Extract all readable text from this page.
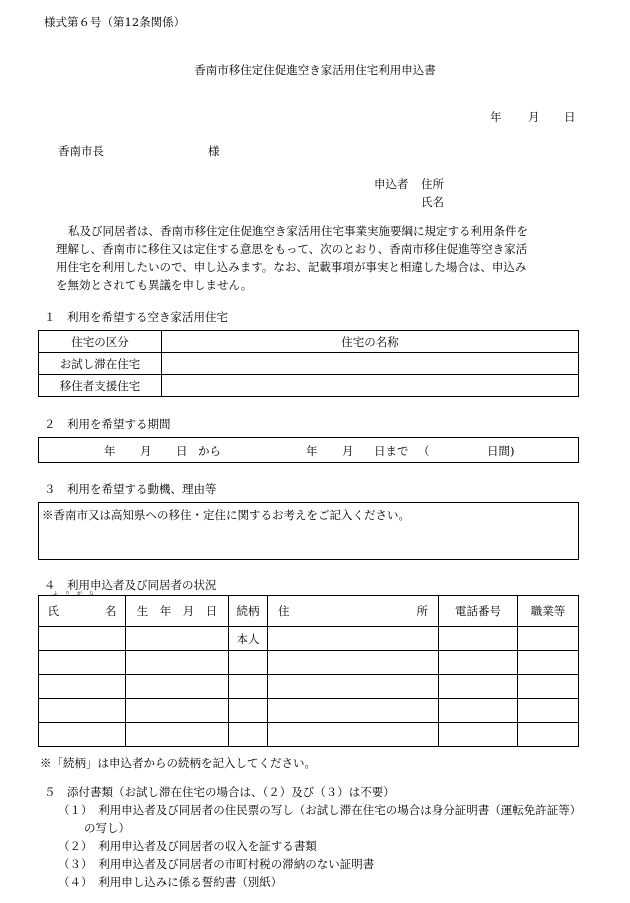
様式第６号（第12条関係）
香南市移住定住促進空き家活用住宅利用申込書
年 月 日
香南市長	様
申込者 住所
氏名
私及び同居者は、香南市移住定住促進空き家活用住宅事業実施要綱に規定する利用条件を
理解し、香南市に移住又は定住する意思をもって、次のとおり、香南市移住促進等空き家活
用住宅を利用したいので、申し込みます。なお、記載事項が事実と相違した場合は、申込み
を無効とされても異議を申しません。
１　利用を希望する空き家活用住宅
住宅の区分	住宅の名称
お試し滞在住宅	
移住者支援住宅	
２　利用を希望する期間
年 月 日 から	年 月 日まで （	日間)
３　利用を希望する動機、理由等
※香南市又は高知県への移住・定住に関するお考えをご記入ください。
４　利用申込者及び同居者の状況
ふ り が な
氏　　　　名	生　年　月　日	続柄	住 所	電話番号	職業等
		本人			

※「続柄」は申込者からの続柄を記入してください。
５　添付書類（お試し滞在住宅の場合は、（２）及び（３）は不要）
（１）　利用申込者及び同居者の住民票の写し（お試し滞在住宅の場合は身分証明書（運転免許証等）
の写し）
（２）　利用申込者及び同居者の収入を証する書類
（３）　利用申込者及び同居者の市町村税の滞納のない証明書
（４）　利用申し込みに係る誓約書（別紙）
